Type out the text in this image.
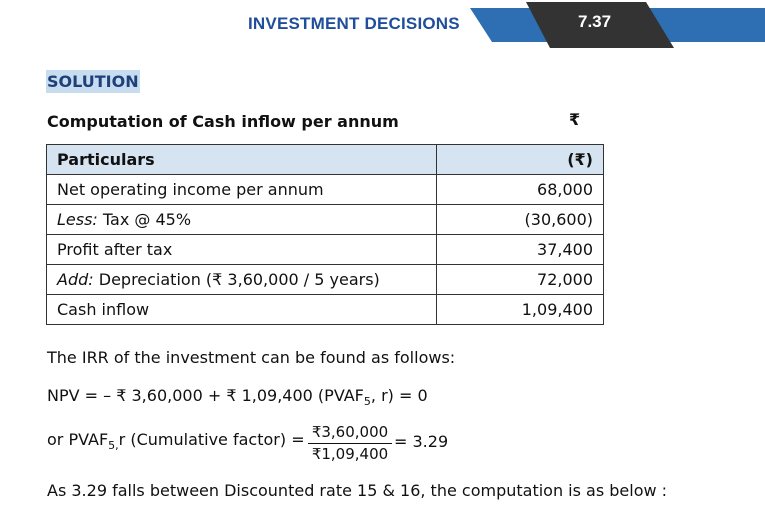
INVESTMENT DECISIONS	7.37
SOLUTION
Computation of Cash inflow per annum	₹
Particulars	(₹)
Net operating income per annum	68,000
Less: Tax @ 45%	(30,600)
Profit after tax	37,400
Add: Depreciation (₹ 3,60,000 / 5 years)	72,000
Cash inflow	1,09,400
The IRR of the investment can be found as follows:
NPV = – ₹ 3,60,000 + ₹ 1,09,400 ($PVAF_5$, r) = 0
or $PVAF_{5,}r$ (Cumulative factor) = $\frac{₹3,60,000}{₹1,09,400} = 3.29$
As 3.29 falls between Discounted rate 15 & 16, the computation is as below :
